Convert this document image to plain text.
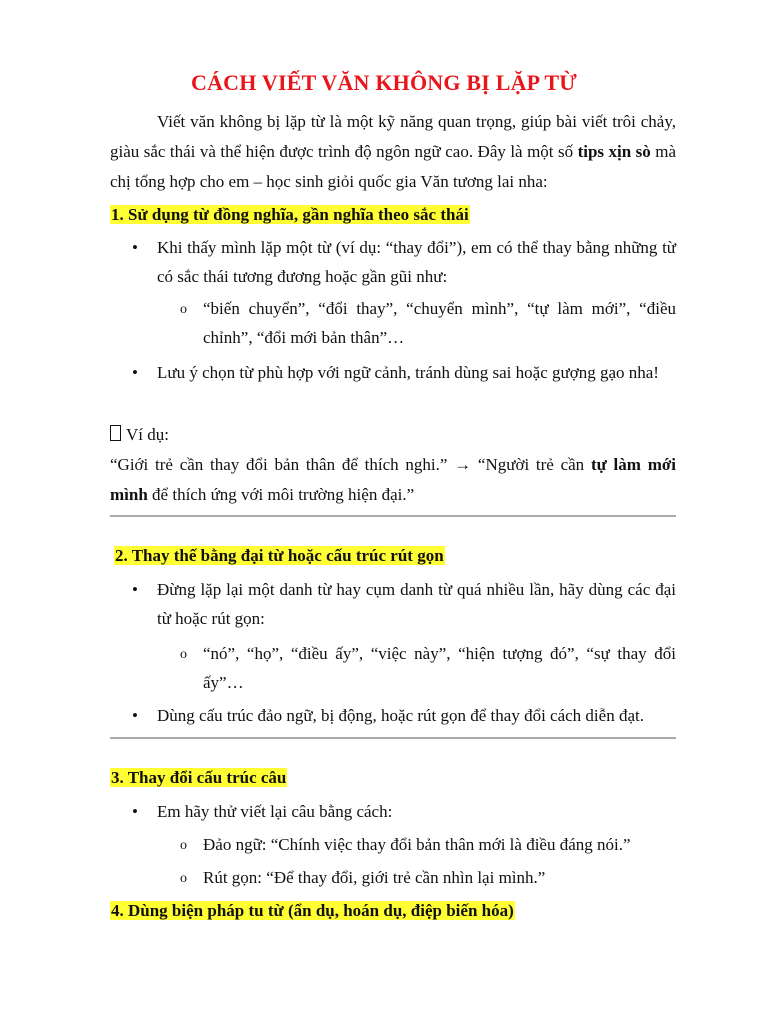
CÁCH VIẾT VĂN KHÔNG BỊ LẶP TỪ
Viết văn không bị lặp từ là một kỹ năng quan trọng, giúp bài viết trôi chảy, giàu sắc thái và thể hiện được trình độ ngôn ngữ cao. Đây là một số tips xịn sò mà chị tổng hợp cho em – học sinh giỏi quốc gia Văn tương lai nha:
1. Sử dụng từ đồng nghĩa, gần nghĩa theo sắc thái
• Khi thấy mình lặp một từ (ví dụ: “thay đổi”), em có thể thay bằng những từ có sắc thái tương đương hoặc gần gũi như:
o “biến chuyển”, “đổi thay”, “chuyển mình”, “tự làm mới”, “điều chỉnh”, “đổi mới bản thân”…
• Lưu ý chọn từ phù hợp với ngữ cảnh, tránh dùng sai hoặc gượng gạo nha!
Ví dụ:
“Giới trẻ cần thay đổi bản thân để thích nghi.” → “Người trẻ cần tự làm mới mình để thích ứng với môi trường hiện đại.”
2. Thay thế bằng đại từ hoặc cấu trúc rút gọn
• Đừng lặp lại một danh từ hay cụm danh từ quá nhiều lần, hãy dùng các đại từ hoặc rút gọn:
o “nó”, “họ”, “điều ấy”, “việc này”, “hiện tượng đó”, “sự thay đổi ấy”…
• Dùng cấu trúc đảo ngữ, bị động, hoặc rút gọn để thay đổi cách diễn đạt.
3. Thay đổi cấu trúc câu
• Em hãy thử viết lại câu bằng cách:
o Đảo ngữ: “Chính việc thay đổi bản thân mới là điều đáng nói.”
o Rút gọn: “Để thay đổi, giới trẻ cần nhìn lại mình.”
4. Dùng biện pháp tu từ (ẩn dụ, hoán dụ, điệp biến hóa)
